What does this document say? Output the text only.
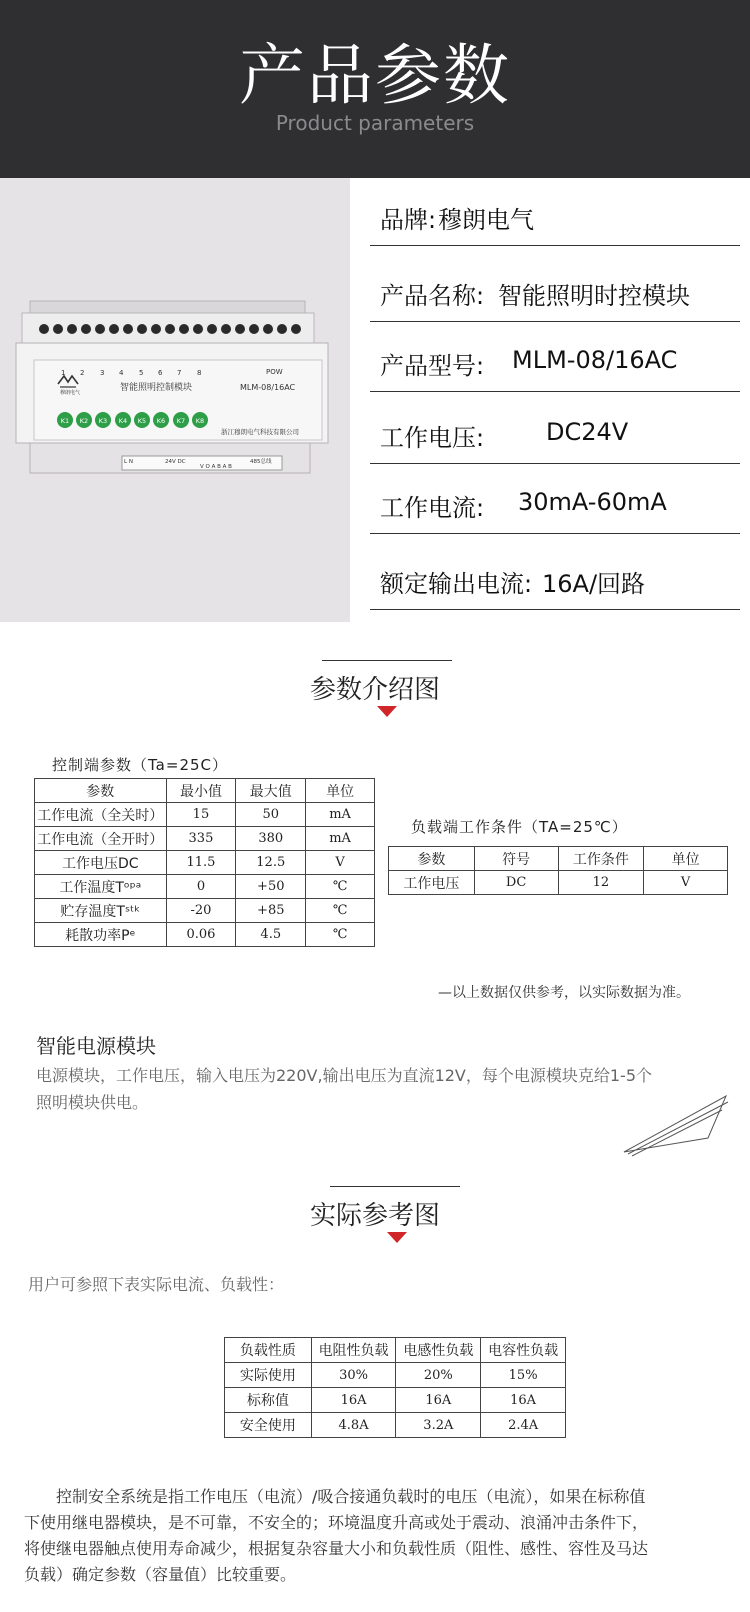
产品参数
Product parameters
1 2 3 4 5 6 7 8	POW
穆朗电气	智能照明控制模块	MLM-08/16AC
K1 K2 K3 K4 K5 K6 K7 K8
浙江穆朗电气科技有限公司
L N	24V DC	485总线
V O A B A B
品牌: 穆朗电气
产品名称: 智能照明时控模块
产品型号: MLM-08/16AC
工作电压:	DC24V
工作电流: 30mA-60mA
额定输出电流: 16A/回路
参数介绍图
控制端参数（Ta=25C）
参数	最小值	最大值	单位
工作电流（全关时）	15	50	mA
工作电流（全开时）	335	380	mA
工作电压DC	11.5	12.5	V
工作温度Tᵒᵖᵃ	0	+50	℃
贮存温度Tˢᵗᵏ	-20	+85	℃
耗散功率Pᵉ	0.06	4.5	℃
负载端工作条件（TA=25℃）
参数	符号	工作条件	单位
工作电压	DC	12	V
—以上数据仅供参考，以实际数据为准。
智能电源模块
电源模块，工作电压，输入电压为220V,输出电压为直流12V，每个电源模块克给1-5个
照明模块供电。
实际参考图
用户可参照下表实际电流、负载性：
负载性质	电阻性负载	电感性负载	电容性负载
实际使用	30%	20%	15%
标称值	16A	16A	16A
安全使用	4.8A	3.2A	2.4A
控制安全系统是指工作电压（电流）/吸合接通负载时的电压（电流），如果在标称值
下使用继电器模块，是不可靠，不安全的；环境温度升高或处于震动、浪涌冲击条件下，
将使继电器触点使用寿命减少，根据复杂容量大小和负载性质（阻性、感性、容性及马达
负载）确定参数（容量值）比较重要。
